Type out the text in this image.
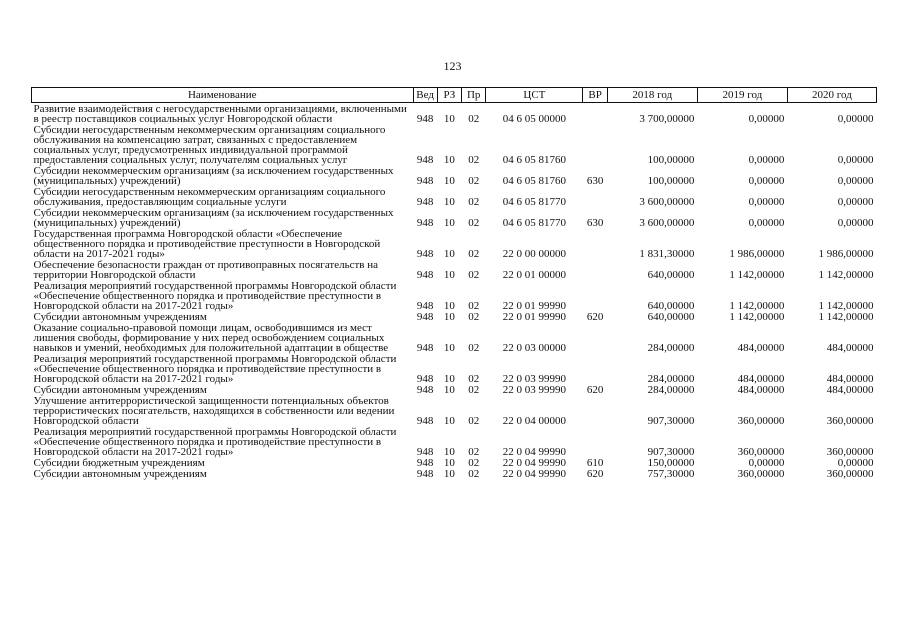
123
Наименование	Вед	РЗ	Пр	ЦСТ	ВР	2018 год	2019 год	2020 год
Развитие взаимодействия с негосударственными организациями, включенными в реестр поставщиков социальных услуг Новгородской области	948	10	02	04 6 05 00000		3 700,00000	0,00000	0,00000
Субсидии негосударственным некоммерческим организациям социального обслуживания на компенсацию затрат, связанных с предоставлением социальных услуг, предусмотренных индивидуальной программой предоставления социальных услуг, получателям социальных услуг	948	10	02	04 6 05 81760		100,00000	0,00000	0,00000
Субсидии некоммерческим организациям (за исключением государственных (муниципальных) учреждений)	948	10	02	04 6 05 81760	630	100,00000	0,00000	0,00000
Субсидии негосударственным некоммерческим организациям социального обслуживания, предоставляющим социальные услуги	948	10	02	04 6 05 81770		3 600,00000	0,00000	0,00000
Субсидии некоммерческим организациям (за исключением государственных (муниципальных) учреждений)	948	10	02	04 6 05 81770	630	3 600,00000	0,00000	0,00000
Государственная программа Новгородской области «Обеспечение общественного порядка и противодействие преступности в Новгородской области на 2017-2021 годы»	948	10	02	22 0 00 00000		1 831,30000	1 986,00000	1 986,00000
Обеспечение безопасности граждан от противоправных посягательств на территории Новгородской области	948	10	02	22 0 01 00000		640,00000	1 142,00000	1 142,00000
Реализация мероприятий государственной программы Новгородской области «Обеспечение общественного порядка и противодействие преступности в Новгородской области на 2017-2021 годы»	948	10	02	22 0 01 99990		640,00000	1 142,00000	1 142,00000
Субсидии автономным учреждениям	948	10	02	22 0 01 99990	620	640,00000	1 142,00000	1 142,00000
Оказание социально-правовой помощи лицам, освободившимся из мест лишения свободы, формирование у них перед освобождением социальных навыков и умений, необходимых для положительной адаптации в обществе	948	10	02	22 0 03 00000		284,00000	484,00000	484,00000
Реализация мероприятий государственной программы Новгородской области «Обеспечение общественного порядка и противодействие преступности в Новгородской области на 2017-2021 годы»	948	10	02	22 0 03 99990		284,00000	484,00000	484,00000
Субсидии автономным учреждениям	948	10	02	22 0 03 99990	620	284,00000	484,00000	484,00000
Улучшение антитеррористической защищенности потенциальных объектов террористических посягательств, находящихся в собственности или ведении Новгородской области	948	10	02	22 0 04 00000		907,30000	360,00000	360,00000
Реализация мероприятий государственной программы Новгородской области «Обеспечение общественного порядка и противодействие преступности в Новгородской области на 2017-2021 годы»	948	10	02	22 0 04 99990		907,30000	360,00000	360,00000
Субсидии бюджетным учреждениям	948	10	02	22 0 04 99990	610	150,00000	0,00000	0,00000
Субсидии автономным учреждениям	948	10	02	22 0 04 99990	620	757,30000	360,00000	360,00000
